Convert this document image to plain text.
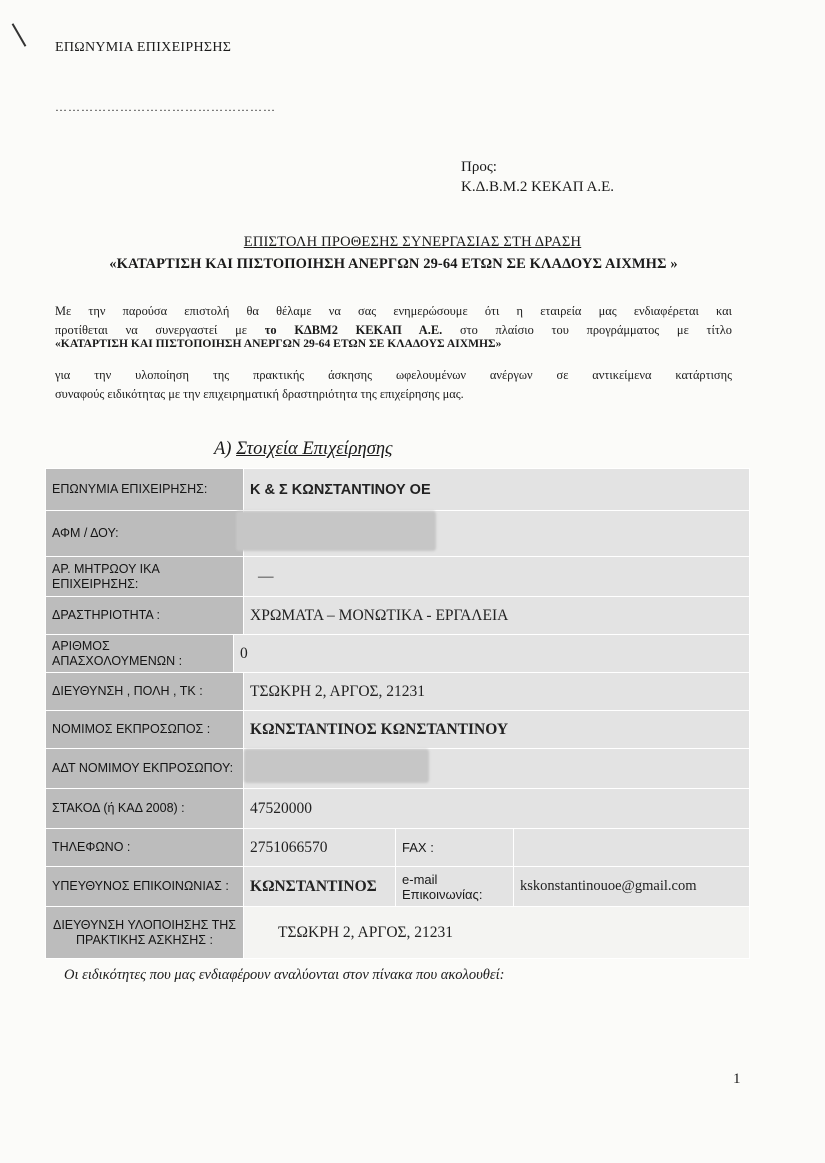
ΕΠΩΝΥΜΙΑ ΕΠΙΧΕΙΡΗΣΗΣ
……………………………………………
Προς:
Κ.Δ.Β.Μ.2 ΚΕΚΑΠ Α.Ε.
ΕΠΙΣΤΟΛΗ ΠΡΟΘΕΣΗΣ ΣΥΝΕΡΓΑΣΙΑΣ ΣΤΗ ΔΡΑΣΗ
«ΚΑΤΑΡΤΙΣΗ ΚΑΙ ΠΙΣΤΟΠΟΙΗΣΗ ΑΝΕΡΓΩΝ 29-64 ΕΤΩΝ ΣΕ ΚΛΑΔΟΥΣ ΑΙΧΜΗΣ »
Με την παρούσα επιστολή θα θέλαμε να σας ενημερώσουμε ότι η εταιρεία μας ενδιαφέρεται και
προτίθεται να συνεργαστεί με το ΚΔΒΜ2 ΚΕΚΑΠ Α.Ε. στο πλαίσιο του προγράμματος με τίτλο
«ΚΑΤΑΡΤΙΣΗ ΚΑΙ ΠΙΣΤΟΠΟΙΗΣΗ ΑΝΕΡΓΩΝ 29-64 ΕΤΩΝ ΣΕ ΚΛΑΔΟΥΣ ΑΙΧΜΗΣ»
για την υλοποίηση της πρακτικής άσκησης ωφελουμένων ανέργων σε αντικείμενα κατάρτισης
συναφούς ειδικότητας με την επιχειρηματική δραστηριότητα της επιχείρησης μας.
Α) Στοιχεία Επιχείρησης
ΕΠΩΝΥΜΙΑ ΕΠΙΧΕΙΡΗΣΗΣ:		Κ & Σ ΚΩΝΣΤΑΝΤΙΝΟΥ ΟΕ		
ΑΦΜ / ΔΟΥ:				
ΑΡ. ΜΗΤΡΩΟΥ ΙΚΑ ΕΠΙΧΕΙΡΗΣΗΣ:		—		
ΔΡΑΣΤΗΡΙΟΤΗΤΑ :		ΧΡΩΜΑΤΑ – ΜΟΝΩΤΙΚΑ - ΕΡΓΑΛΕΙΑ		
ΑΡΙΘΜΟΣ ΑΠΑΣΧΟΛΟΥΜΕΝΩΝ :	0			
ΔΙΕΥΘΥΝΣΗ , ΠΟΛΗ , ΤΚ :		ΤΣΩΚΡΗ 2, ΑΡΓΟΣ, 21231		
ΝΟΜΙΜΟΣ ΕΚΠΡΟΣΩΠΟΣ :		ΚΩΝΣΤΑΝΤΙΝΟΣ ΚΩΝΣΤΑΝΤΙΝΟΥ		
ΑΔΤ ΝΟΜΙΜΟΥ ΕΚΠΡΟΣΩΠΟΥ:				
ΣΤΑΚΟΔ (ή ΚΑΔ 2008) :		47520000		
ΤΗΛΕΦΩΝΟ :		2751066570	FAX :	
ΥΠΕΥΘΥΝΟΣ ΕΠΙΚΟΙΝΩΝΙΑΣ :		ΚΩΝΣΤΑΝΤΙΝΟΣ	e-mail Επικοινωνίας:	kskonstantinouoe@gmail.com
ΔΙΕΥΘΥΝΣΗ ΥΛΟΠΟΙΗΣΗΣ ΤΗΣ ΠΡΑΚΤΙΚΗΣ ΑΣΚΗΣΗΣ :		ΤΣΩΚΡΗ 2, ΑΡΓΟΣ, 21231		
Οι ειδικότητες που μας ενδιαφέρουν αναλύονται στον πίνακα που ακολουθεί:
1
